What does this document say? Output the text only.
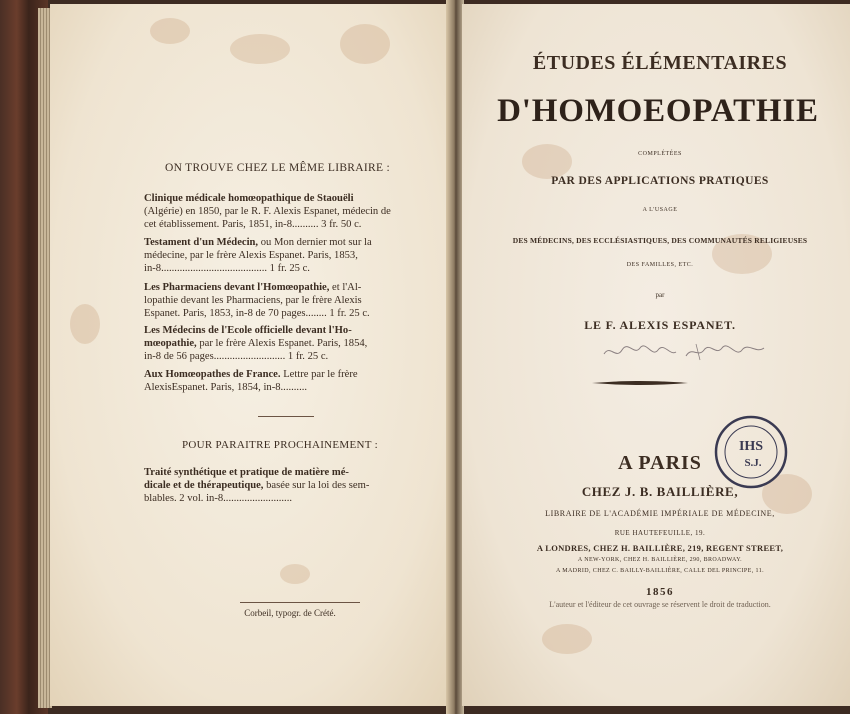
ON TROUVE CHEZ LE MÊME LIBRAIRE :
Clinique médicale homœopathique de Staouëli
(Algérie) en 1850, par le R. F. Alexis Espanet, médecin de
cet établissement. Paris, 1851, in-8.......... 3 fr. 50 c.
Testament d'un Médecin, ou Mon dernier mot sur la
médecine, par le frère Alexis Espanet. Paris, 1853,
in-8........................................ 1 fr. 25 c.
Les Pharmaciens devant l'Homœopathie, et l'Al-
lopathie devant les Pharmaciens, par le frère Alexis
Espanet. Paris, 1853, in-8 de 70 pages........ 1 fr. 25 c.
Les Médecins de l'Ecole officielle devant l'Ho-
mœopathie, par le frère Alexis Espanet. Paris, 1854,
in-8 de 56 pages........................... 1 fr. 25 c.
Aux Homœopathes de France. Lettre par le frère
AlexisEspanet. Paris, 1854, in-8..........
POUR PARAITRE PROCHAINEMENT :
Traité synthétique et pratique de matière mé-
dicale et de thérapeutique, basée sur la loi des sem-
blables. 2 vol. in-8..........................
Corbeil, typogr. de Crété.
ÉTUDES ÉLÉMENTAIRES
D'HOMOEOPATHIE
COMPLÉTÉES
PAR DES APPLICATIONS PRATIQUES
A L'USAGE
DES MÉDECINS, DES ECCLÉSIASTIQUES, DES COMMUNAUTÉS RELIGIEUSES
DES FAMILLES, ETC.
par
LE F. ALEXIS ESPANET.
A PARIS
CHEZ J. B. BAILLIÈRE,
LIBRAIRE DE L'ACADÉMIE IMPÉRIALE DE MÉDECINE,
RUE HAUTEFEUILLE, 19.
A LONDRES, CHEZ H. BAILLIÈRE, 219, REGENT STREET,
A NEW-YORK, CHEZ H. BAILLIÈRE, 290, BROADWAY.
A MADRID, CHEZ C. BAILLY-BAILLIÈRE, CALLE DEL PRINCIPE, 11.
1856
L'auteur et l'éditeur de cet ouvrage se réservent le droit de traduction.
IHS
S.J.
